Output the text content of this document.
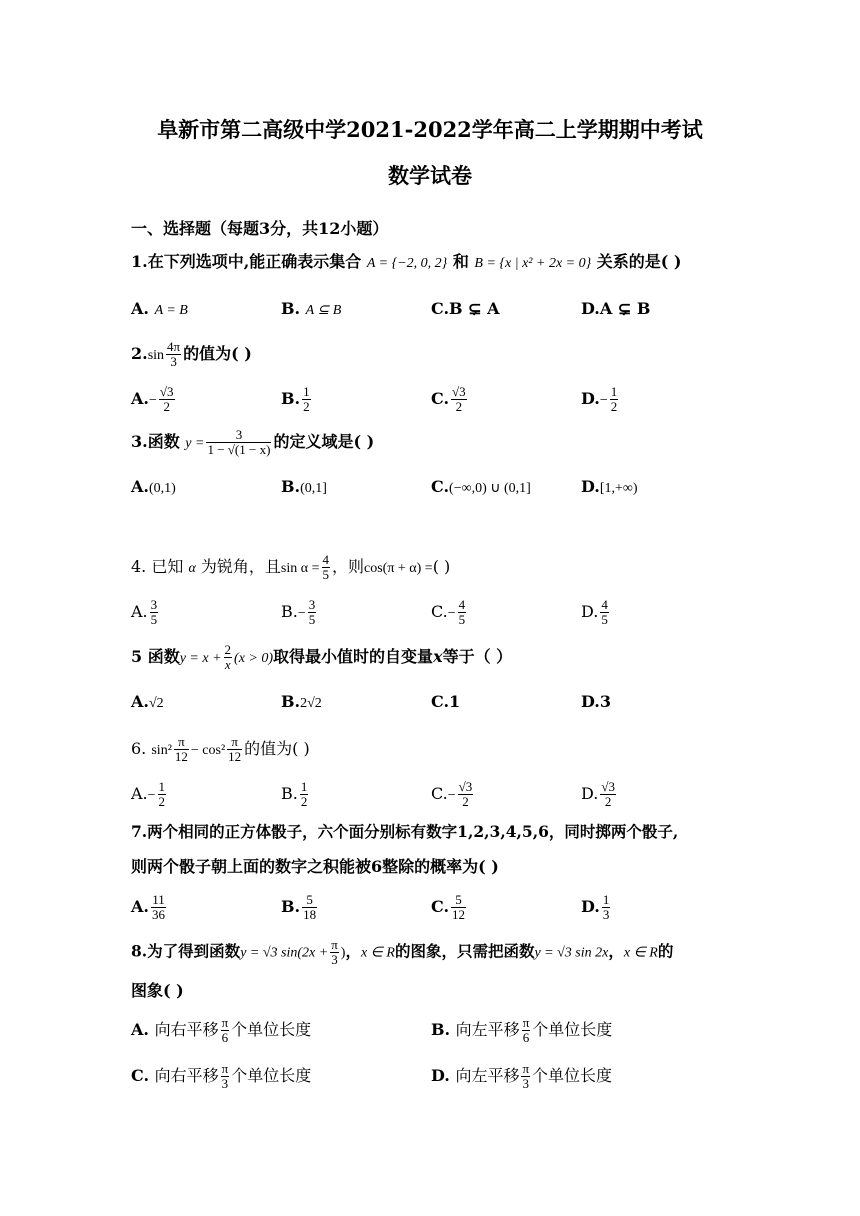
阜新市第二高级中学2021-2022学年高二上学期期中考试
数学试卷
一、选择题（每题3分，共12小题）
1.在下列选项中,能正确表示集合 A = {−2, 0, 2} 和 B = {x | x² + 2x = 0} 关系的是( )
A. A = B	B. A ⊆ B	C.B ⊊ A	D.A ⊊ B
$2.\sin \frac{4\pi}{3}$ 的值为( )
$A.- \frac{√3}{2}$	B. $\frac{1}{2}$	C. $\frac{√3}{2}$	$D.- \frac{1}{2}$
3.函数 $y = \frac{3}{1 - √(1 - x)}$ 的定义域是( )
A.(0,1)	B.(0,1]	C.(−∞,0) ∪ (0,1]	D.[1,+∞)
4. 已知 α 为锐角，且$\sin \alpha = \frac{4}{5}$ ，则cos(π + α) =( )
A. $\frac{3}{5}$	$B.- \frac{3}{5}$	$C.- \frac{4}{5}$	D. $\frac{4}{5}$
5 函数$y = x + \frac{2}{x} (x > 0)$取得最小值时的自变量x等于（ ）
A.√2	B.2√2	C.1	D.3
6. $\sin^2 \frac{\pi}{12} - \cos^2 \frac{\pi}{12}$ 的值为( )
$A.- \frac{1}{2}$	B. $\frac{1}{2}$	$C.- \frac{√3}{2}$	D. $\frac{√3}{2}$
7.两个相同的正方体骰子，六个面分别标有数字1,2,3,4,5,6，同时掷两个骰子,
则两个骰子朝上面的数字之积能被6整除的概率为( )
A. $\frac{11}{36}$	B. $\frac{5}{18}$	C. $\frac{5}{12}$	D. $\frac{1}{3}$
8.为了得到函数y = √3 $\sin(2x + \frac{\pi}{3}$ )，x ∈ R的图象，只需把函数y = √3 sin 2x，x ∈ R的
图象( )
A. 向右平移 $\frac{\pi}{6}$ 个单位长度	B. 向左平移 $\frac{\pi}{6}$ 个单位长度
C. 向右平移 $\frac{\pi}{3}$ 个单位长度	D. 向左平移 $\frac{\pi}{3}$ 个单位长度
